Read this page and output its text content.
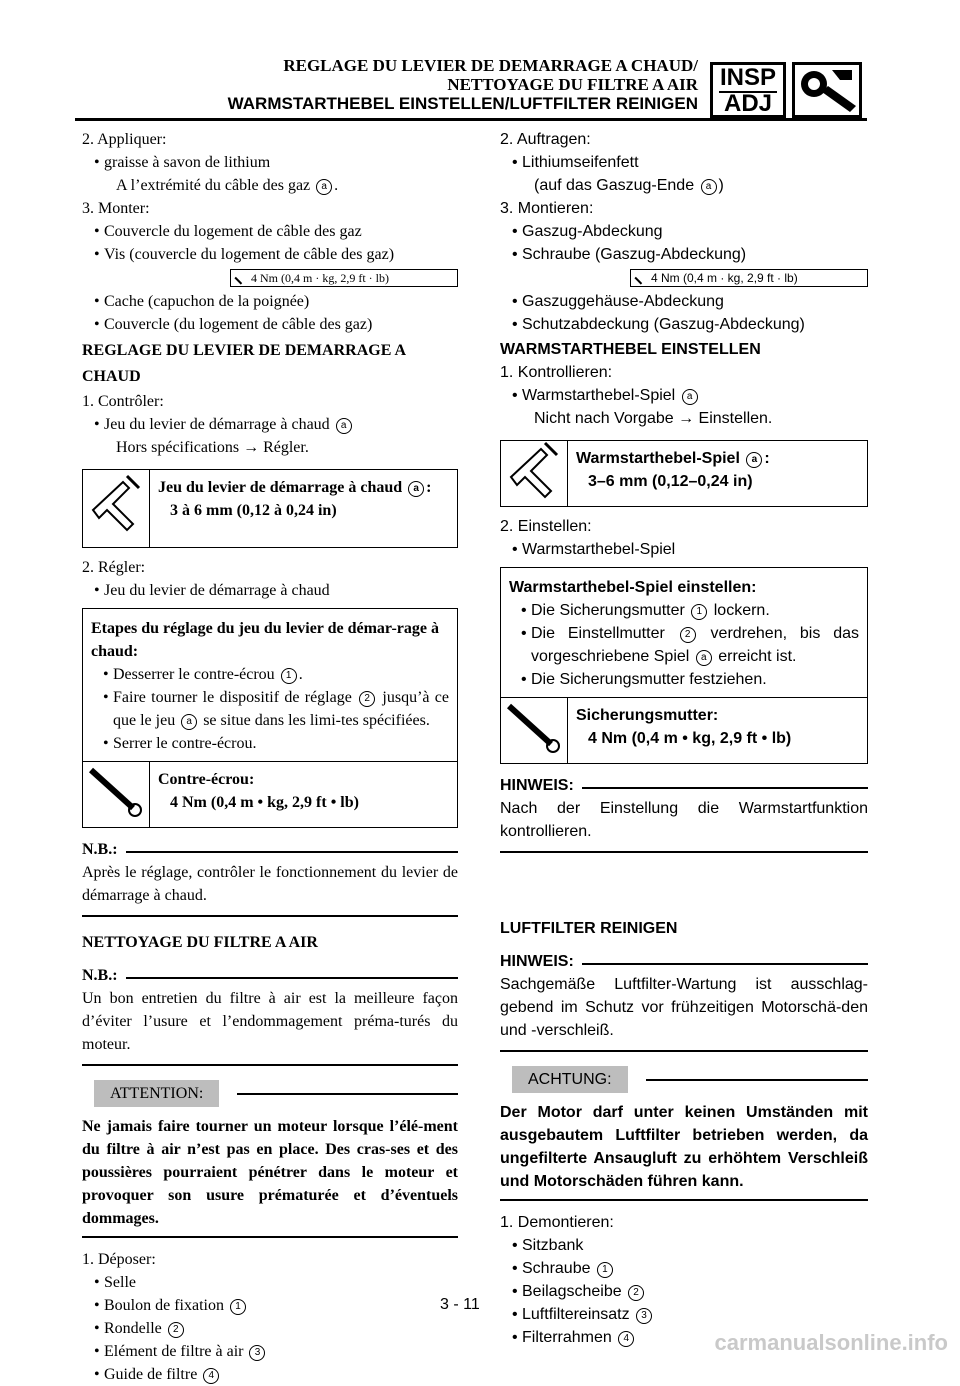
REGLAGE DU LEVIER DE DEMARRAGE A CHAUD/
NETTOYAGE DU FILTRE A AIR
WARMSTARTHEBEL EINSTELLEN/LUFTFILTER REINIGEN
INSP
ADJ
2. Appliquer:
• graisse à savon de lithium
A l’extrémité du câble des gaz a .
3. Monter:
• Couvercle du logement de câble des gaz
• Vis (couvercle du logement de câble des gaz)
4 Nm (0,4 m · kg, 2,9 ft · lb)
• Cache (capuchon de la poignée)
• Couvercle (du logement de câble des gaz)
REGLAGE DU LEVIER DE DEMARRAGE A CHAUD
1. Contrôler:
• Jeu du levier de démarrage à chaud a
Hors spécifications → Régler.
Jeu du levier de démarrage à chaud a :
3 à 6 mm (0,12 à 0,24 in)
2. Régler:
• Jeu du levier de démarrage à chaud
Etapes du réglage du jeu du levier de démar-rage à chaud:
• Desserrer le contre-écrou 1 .
• Faire tourner le dispositif de réglage 2 jusqu’à ce que le jeu a se situe dans les limi-tes spécifiées.
• Serrer le contre-écrou.
Contre-écrou:
4 Nm (0,4 m • kg, 2,9 ft • lb)
N.B.:
Après le réglage, contrôler le fonctionnement du levier de démarrage à chaud.
NETTOYAGE DU FILTRE A AIR
N.B.:
Un bon entretien du filtre à air est la meilleure façon d’éviter l’usure et l’endommagement préma-turés du moteur.
ATTENTION:
Ne jamais faire tourner un moteur lorsque l’élé-ment du filtre à air n’est pas en place. Des cras-ses et des poussières pourraient pénétrer dans le moteur et provoquer son usure prématurée et d’éventuels dommages.
1. Déposer:
• Selle
• Boulon de fixation 1
• Rondelle 2
• Elément de filtre à air 3
• Guide de filtre 4
2. Auftragen:
• Lithiumseifenfett
(auf das Gaszug-Ende a )
3. Montieren:
• Gaszug-Abdeckung
• Schraube (Gaszug-Abdeckung)
4 Nm (0,4 m · kg, 2,9 ft · lb)
• Gaszuggehäuse-Abdeckung
• Schutzabdeckung (Gaszug-Abdeckung)
WARMSTARTHEBEL EINSTELLEN
1. Kontrollieren:
• Warmstarthebel-Spiel a
Nicht nach Vorgabe → Einstellen.
Warmstarthebel-Spiel a :
3–6 mm (0,12–0,24 in)
2. Einstellen:
• Warmstarthebel-Spiel
Warmstarthebel-Spiel einstellen:
• Die Sicherungsmutter 1 lockern.
• Die Einstellmutter 2 verdrehen, bis das vorgeschriebene Spiel a erreicht ist.
• Die Sicherungsmutter festziehen.
Sicherungsmutter:
4 Nm (0,4 m • kg, 2,9 ft • lb)
HINWEIS:
Nach der Einstellung die Warmstartfunktion kontrollieren.
LUFTFILTER REINIGEN
HINWEIS:
Sachgemäße Luftfilter-Wartung ist ausschlag-gebend im Schutz vor frühzeitigen Motorschä-den und -verschleiß.
ACHTUNG:
Der Motor darf unter keinen Umständen mit ausgebautem Luftfilter betrieben werden, da ungefilterte Ansaugluft zu erhöhtem Verschleiß und Motorschäden führen kann.
1. Demontieren:
• Sitzbank
• Schraube 1
• Beilagscheibe 2
• Luftfiltereinsatz 3
• Filterrahmen 4
3 - 11
carmanualsonline.info
